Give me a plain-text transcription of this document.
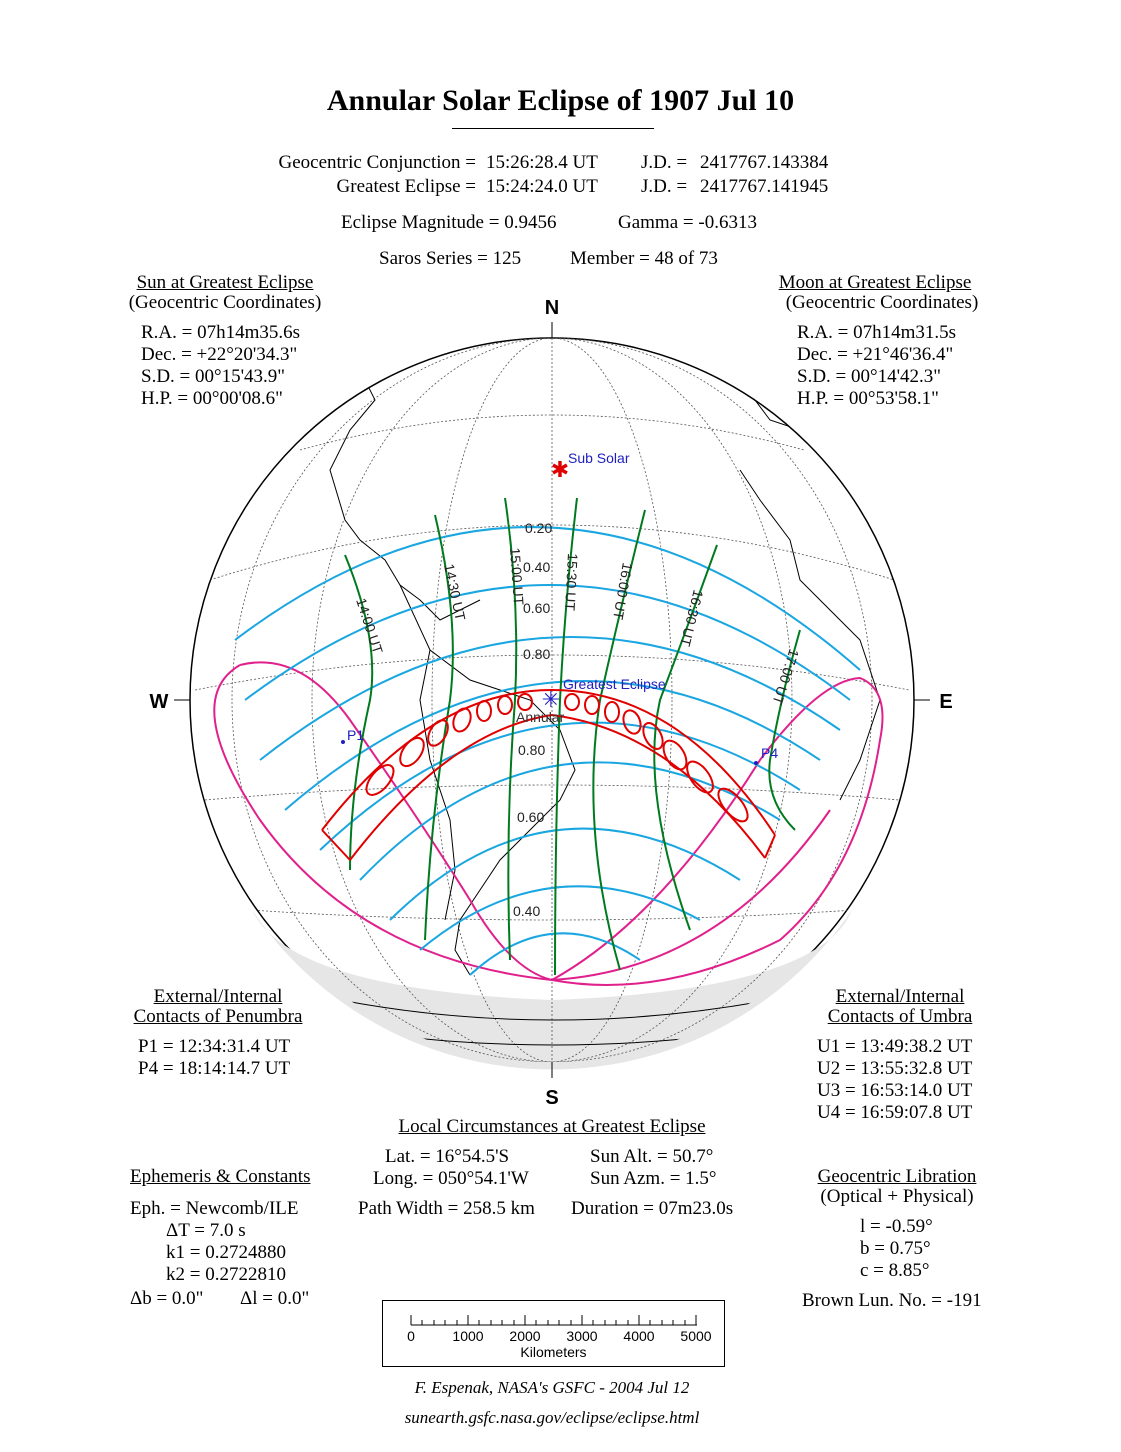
Annular Solar Eclipse of 1907 Jul 10
Geocentric Conjunction = 15:26:28.4 UT J.D. = 2417767.143384
Greatest Eclipse = 15:24:24.0 UT J.D. = 2417767.141945
Eclipse Magnitude = 0.9456	Gamma = -0.6313
Saros Series = 125	Member = 48 of 73
Sun at Greatest Eclipse
(Geocentric Coordinates)
R.A. = 07h14m35.6s
Dec. = +22°20'34.3"
S.D. = 00°15'43.9"
H.P. = 00°00'08.6"
Moon at Greatest Eclipse
(Geocentric Coordinates)
R.A. = 07h14m31.5s
Dec. = +21°46'36.4"
S.D. = 00°14'42.3"
H.P. = 00°53'58.1"
N
S
W	E
✱
Sub Solar
✳
Greatest Eclipse
Annular
P1
P4
0.20
0.40
0.60
0.80
0.80
0.60
0.40
14:00 UT
14:30 UT	15:00 UT	15:30 UT 16:00 UT	16:30 UT
17:00 UT
External/Internal
Contacts of Penumbra
P1 = 12:34:31.4 UT
P4 = 18:14:14.7 UT
External/Internal
Contacts of Umbra
U1 = 13:49:38.2 UT
U2 = 13:55:32.8 UT
U3 = 16:53:14.0 UT
U4 = 16:59:07.8 UT
Local Circumstances at Greatest Eclipse
Lat. = 16°54.5'S
Long. = 050°54.1'W
Sun Alt. = 50.7°
Sun Azm. = 1.5°
Path Width = 258.5 km Duration = 07m23.0s
Ephemeris & Constants
Eph. = Newcomb/ILE
ΔT = 7.0 s
k1 = 0.2724880
k2 = 0.2722810
Δb = 0.0" Δl = 0.0"
Geocentric Libration
(Optical + Physical)
l = -0.59°
b = 0.75°
c = 8.85°
Brown Lun. No. = -191
0	1000 2000 3000 4000 5000
Kilometers
F. Espenak, NASA's GSFC - 2004 Jul 12
sunearth.gsfc.nasa.gov/eclipse/eclipse.html
